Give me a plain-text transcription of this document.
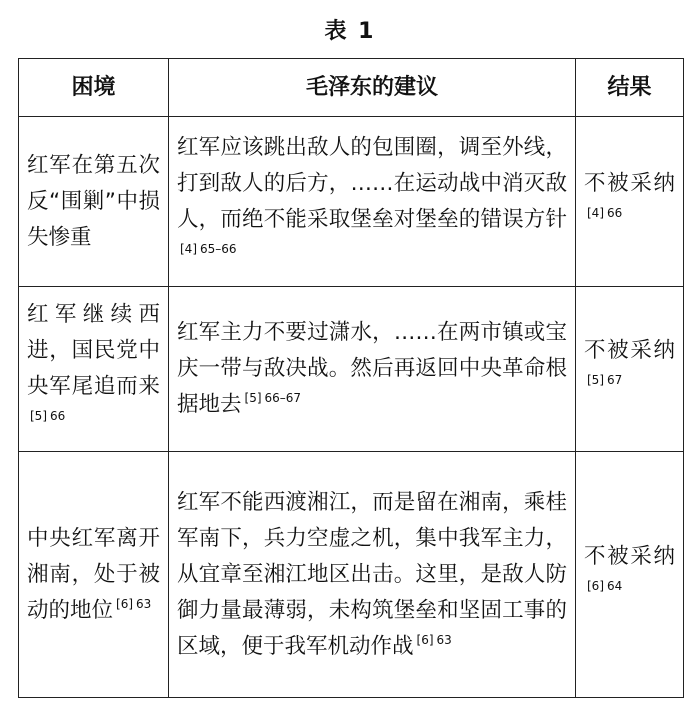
表 1
困境	毛泽东的建议	结果
红军在第五次反“围剿”中损失惨重	红军应该跳出敌人的包围圈，调至外线，打到敌人的后方，……在运动战中消灭敌人，而绝不能采取堡垒对堡垒的错误方针$^{[4] 65-66}$	不被采纳$^{[4] 66}$
红军继续西进，国民党中央军尾追而来$^{[5] 66}$	红军主力不要过潇水，……在两市镇或宝庆一带与敌决战。然后再返回中央革命根据地去 $^{[5] 66-67}$	不被采纳$^{[5] 67}$
中央红军离开湘南，处于被动的地位 $^{[6] 63}$	红军不能西渡湘江，而是留在湘南，乘桂军南下，兵力空虚之机，集中我军主力，从宜章至湘江地区出击。这里，是敌人防御力量最薄弱，未构筑堡垒和坚固工事的区域，便于我军机动作战 $^{[6] 63}$	不被采纳$^{[6] 64}$
